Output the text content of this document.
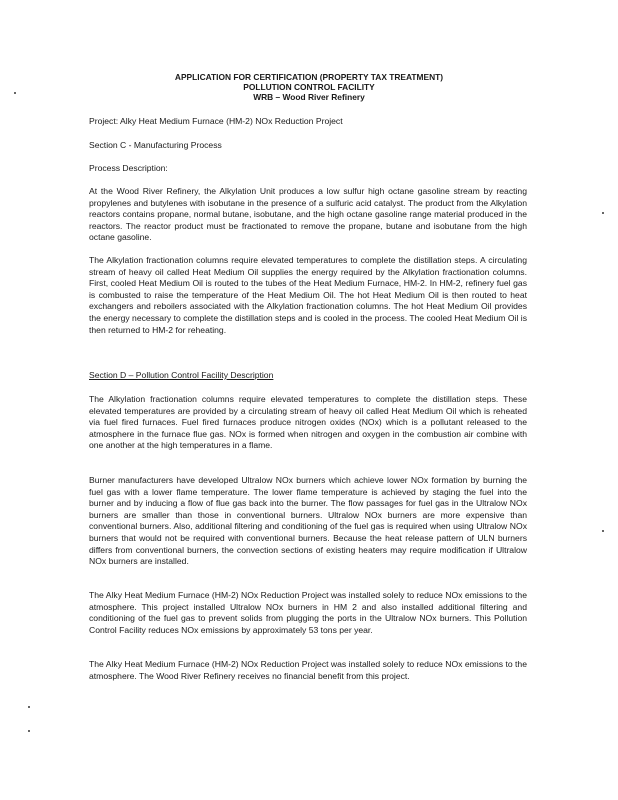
APPLICATION FOR CERTIFICATION (PROPERTY TAX TREATMENT)
POLLUTION CONTROL FACILITY
WRB – Wood River Refinery

Project: Alky Heat Medium Furnace (HM-2) NOx Reduction Project

Section C - Manufacturing Process

Process Description:

At the Wood River Refinery, the Alkylation Unit produces a low sulfur high octane gasoline stream by reacting propylenes and butylenes with isobutane in the presence of a sulfuric acid catalyst. The product from the Alkylation reactors contains propane, normal butane, isobutane, and the high octane gasoline range material produced in the reactors. The reactor product must be fractionated to remove the propane, butane and isobutane from the high octane gasoline.

The Alkylation fractionation columns require elevated temperatures to complete the distillation steps. A circulating stream of heavy oil called Heat Medium Oil supplies the energy required by the Alkylation fractionation columns. First, cooled Heat Medium Oil is routed to the tubes of the Heat Medium Furnace, HM-2. In HM-2, refinery fuel gas is combusted to raise the temperature of the Heat Medium Oil. The hot Heat Medium Oil is then routed to heat exchangers and reboilers associated with the Alkylation fractionation columns. The hot Heat Medium Oil provides the energy necessary to complete the distillation steps and is cooled in the process. The cooled Heat Medium Oil is then returned to HM-2 for reheating.

Section D – Pollution Control Facility Description

The Alkylation fractionation columns require elevated temperatures to complete the distillation steps. These elevated temperatures are provided by a circulating stream of heavy oil called Heat Medium Oil which is reheated via fuel fired furnaces. Fuel fired furnaces produce nitrogen oxides (NOx) which is a pollutant released to the atmosphere in the furnace flue gas. NOx is formed when nitrogen and oxygen in the combustion air combine with one another at the high temperatures in a flame.

Burner manufacturers have developed Ultralow NOx burners which achieve lower NOx formation by burning the fuel gas with a lower flame temperature. The lower flame temperature is achieved by staging the fuel into the burner and by inducing a flow of flue gas back into the burner. The flow passages for fuel gas in the Ultralow NOx burners are smaller than those in conventional burners. Ultralow NOx burners are more expensive than conventional burners. Also, additional filtering and conditioning of the fuel gas is required when using Ultralow NOx burners that would not be required with conventional burners. Because the heat release pattern of ULN burners differs from conventional burners, the convection sections of existing heaters may require modification if Ultralow NOx burners are installed.

The Alky Heat Medium Furnace (HM-2) NOx Reduction Project was installed solely to reduce NOx emissions to the atmosphere. This project installed Ultralow NOx burners in HM 2 and also installed additional filtering and conditioning of the fuel gas to prevent solids from plugging the ports in the Ultralow NOx burners. This Pollution Control Facility reduces NOx emissions by approximately 53 tons per year.

The Alky Heat Medium Furnace (HM-2) NOx Reduction Project was installed solely to reduce NOx emissions to the atmosphere. The Wood River Refinery receives no financial benefit from this project.
